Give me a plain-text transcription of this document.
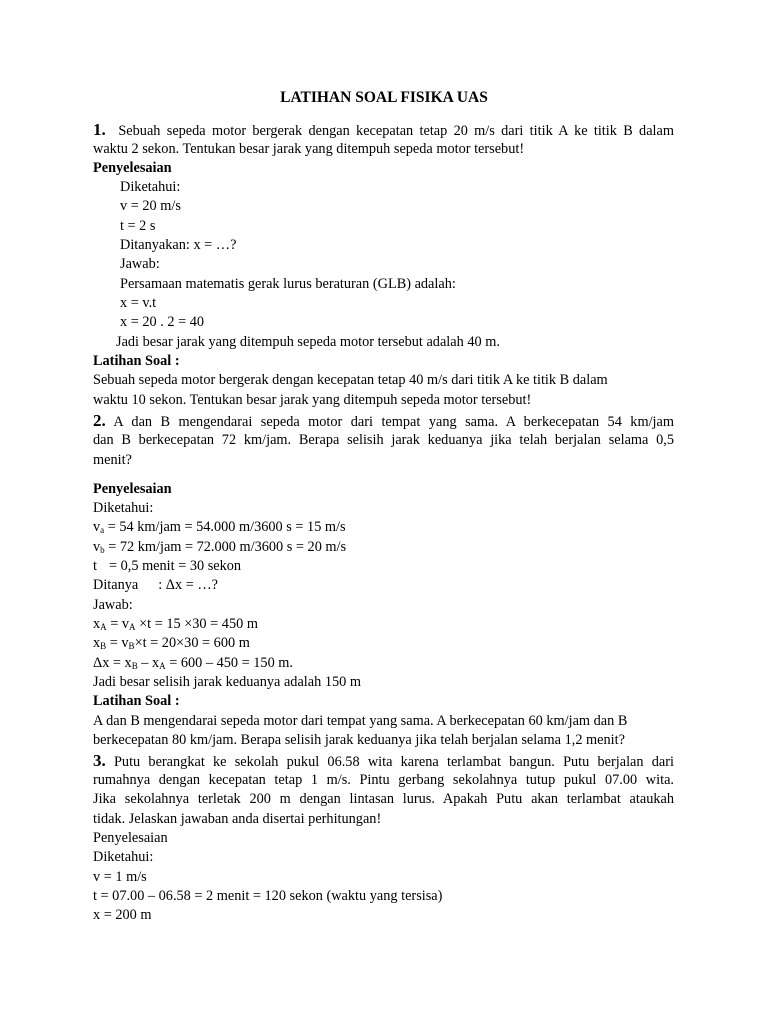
LATIHAN SOAL FISIKA UAS
1. Sebuah sepeda motor bergerak dengan kecepatan tetap 20 m/s dari titik A ke titik B dalam
waktu 2 sekon. Tentukan besar jarak yang ditempuh sepeda motor tersebut!
Penyelesaian
Diketahui:
v = 20 m/s
t = 2 s
Ditanyakan: x = …?
Jawab:
Persamaan matematis gerak lurus beraturan (GLB) adalah:
x = v.t
x = 20 . 2 = 40
Jadi besar jarak yang ditempuh sepeda motor tersebut adalah 40 m.
Latihan Soal :
Sebuah sepeda motor bergerak dengan kecepatan tetap 40 m/s dari titik A ke titik B dalam
waktu 10 sekon. Tentukan besar jarak yang ditempuh sepeda motor tersebut!
2. A dan B mengendarai sepeda motor dari tempat yang sama. A berkecepatan 54 km/jam
dan B berkecepatan 72 km/jam. Berapa selisih jarak keduanya jika telah berjalan selama 0,5
menit?
Penyelesaian
Diketahui:
$v_a = 54$ km/jam = 54.000 m/3600 s = 15 m/s
$v_b = 72$ km/jam = 72.000 m/3600 s = 20 m/s
t = 0,5 menit = 30 sekon
Ditanya : Δx = …?
Jawab:
$x_A = v_A \times t = 15 \times 30 = 450$ m
$x_B = v_B\times t = 20\times 30 = 600$ m
$\Delta x = x_B - x_A = 600 - 450 = 150$ m.
Jadi besar selisih jarak keduanya adalah 150 m
Latihan Soal :
A dan B mengendarai sepeda motor dari tempat yang sama. A berkecepatan 60 km/jam dan B
berkecepatan 80 km/jam. Berapa selisih jarak keduanya jika telah berjalan selama 1,2 menit?
3. Putu berangkat ke sekolah pukul 06.58 wita karena terlambat bangun. Putu berjalan dari
rumahnya dengan kecepatan tetap 1 m/s. Pintu gerbang sekolahnya tutup pukul 07.00 wita.
Jika sekolahnya terletak 200 m dengan lintasan lurus. Apakah Putu akan terlambat ataukah
tidak. Jelaskan jawaban anda disertai perhitungan!
Penyelesaian
Diketahui:
v = 1 m/s
t = 07.00 – 06.58 = 2 menit = 120 sekon (waktu yang tersisa)
x = 200 m
